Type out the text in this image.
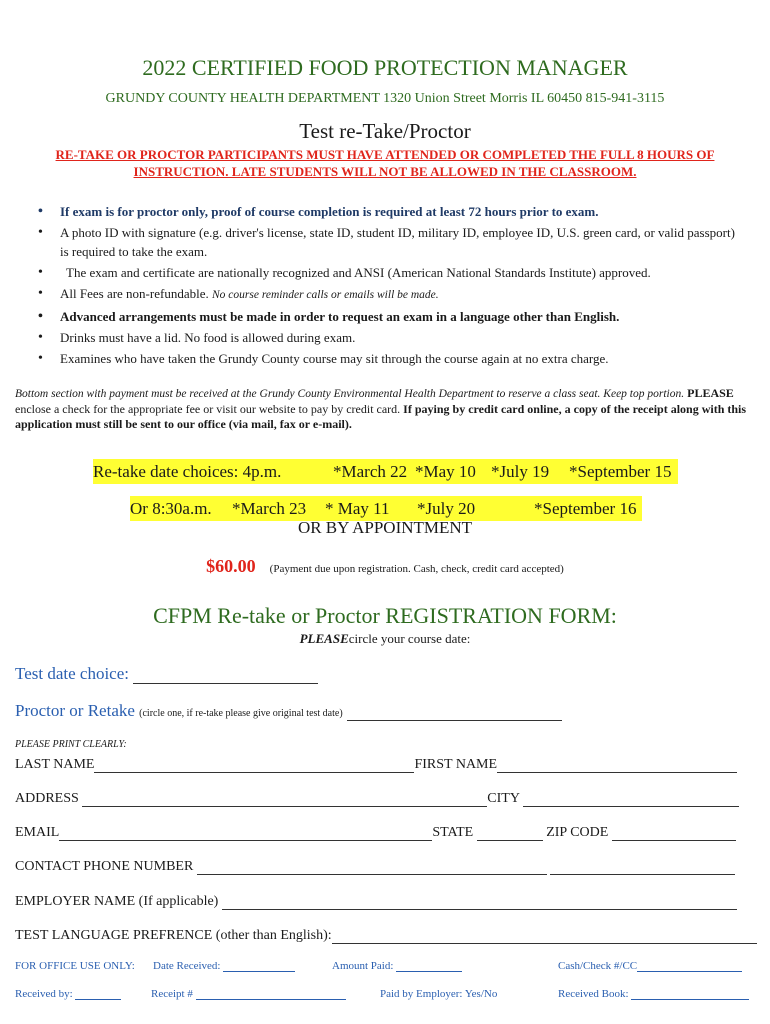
2022 CERTIFIED FOOD PROTECTION MANAGER
GRUNDY COUNTY HEALTH DEPARTMENT 1320 Union Street Morris IL 60450 815-941-3115
Test re-Take/Proctor
RE-TAKE OR PROCTOR PARTICIPANTS MUST HAVE ATTENDED OR COMPLETED THE FULL 8 HOURS OF INSTRUCTION. LATE STUDENTS WILL NOT BE ALLOWED IN THE CLASSROOM.
• If exam is for proctor only, proof of course completion is required at least 72 hours prior to exam.
• A photo ID with signature (e.g. driver's license, state ID, student ID, military ID, employee ID, U.S. green card, or valid passport) is required to take the exam.
• The exam and certificate are nationally recognized and ANSI (American National Standards Institute) approved.
• All Fees are non-refundable. No course reminder calls or emails will be made.
• Advanced arrangements must be made in order to request an exam in a language other than English.
• Drinks must have a lid. No food is allowed during exam.
• Examines who have taken the Grundy County course may sit through the course again at no extra charge.
Bottom section with payment must be received at the Grundy County Environmental Health Department to reserve a class seat. Keep top portion. PLEASE enclose a check for the appropriate fee or visit our website to pay by credit card. If paying by credit card online, a copy of the receipt along with this application must still be sent to our office (via mail, fax or e-mail).
Re-take date choices: 4p.m.	*March 22 *May 10 *July 19 *September 15
Or 8:30a.m. *March 23 * May 11 *July 20	*September 16
OR BY APPOINTMENT
$60.00 (Payment due upon registration. Cash, check, credit card accepted)
CFPM Re-take or Proctor REGISTRATION FORM:
PLEASEcircle your course date:
Test date choice:
Proctor or Retake (circle one, if re-take please give original test date)
PLEASE PRINT CLEARLY:
LAST NAME	FIRST NAME
ADDRESS	CITY
EMAIL	STATE	ZIP CODE
CONTACT PHONE NUMBER
EMPLOYER NAME (If applicable)
TEST LANGUAGE PREFRENCE (other than English):
FOR OFFICE USE ONLY: Date Received:	Amount Paid:	Cash/Check #/CC
Received by:	Receipt #	Paid by Employer: Yes/No	Received Book:
